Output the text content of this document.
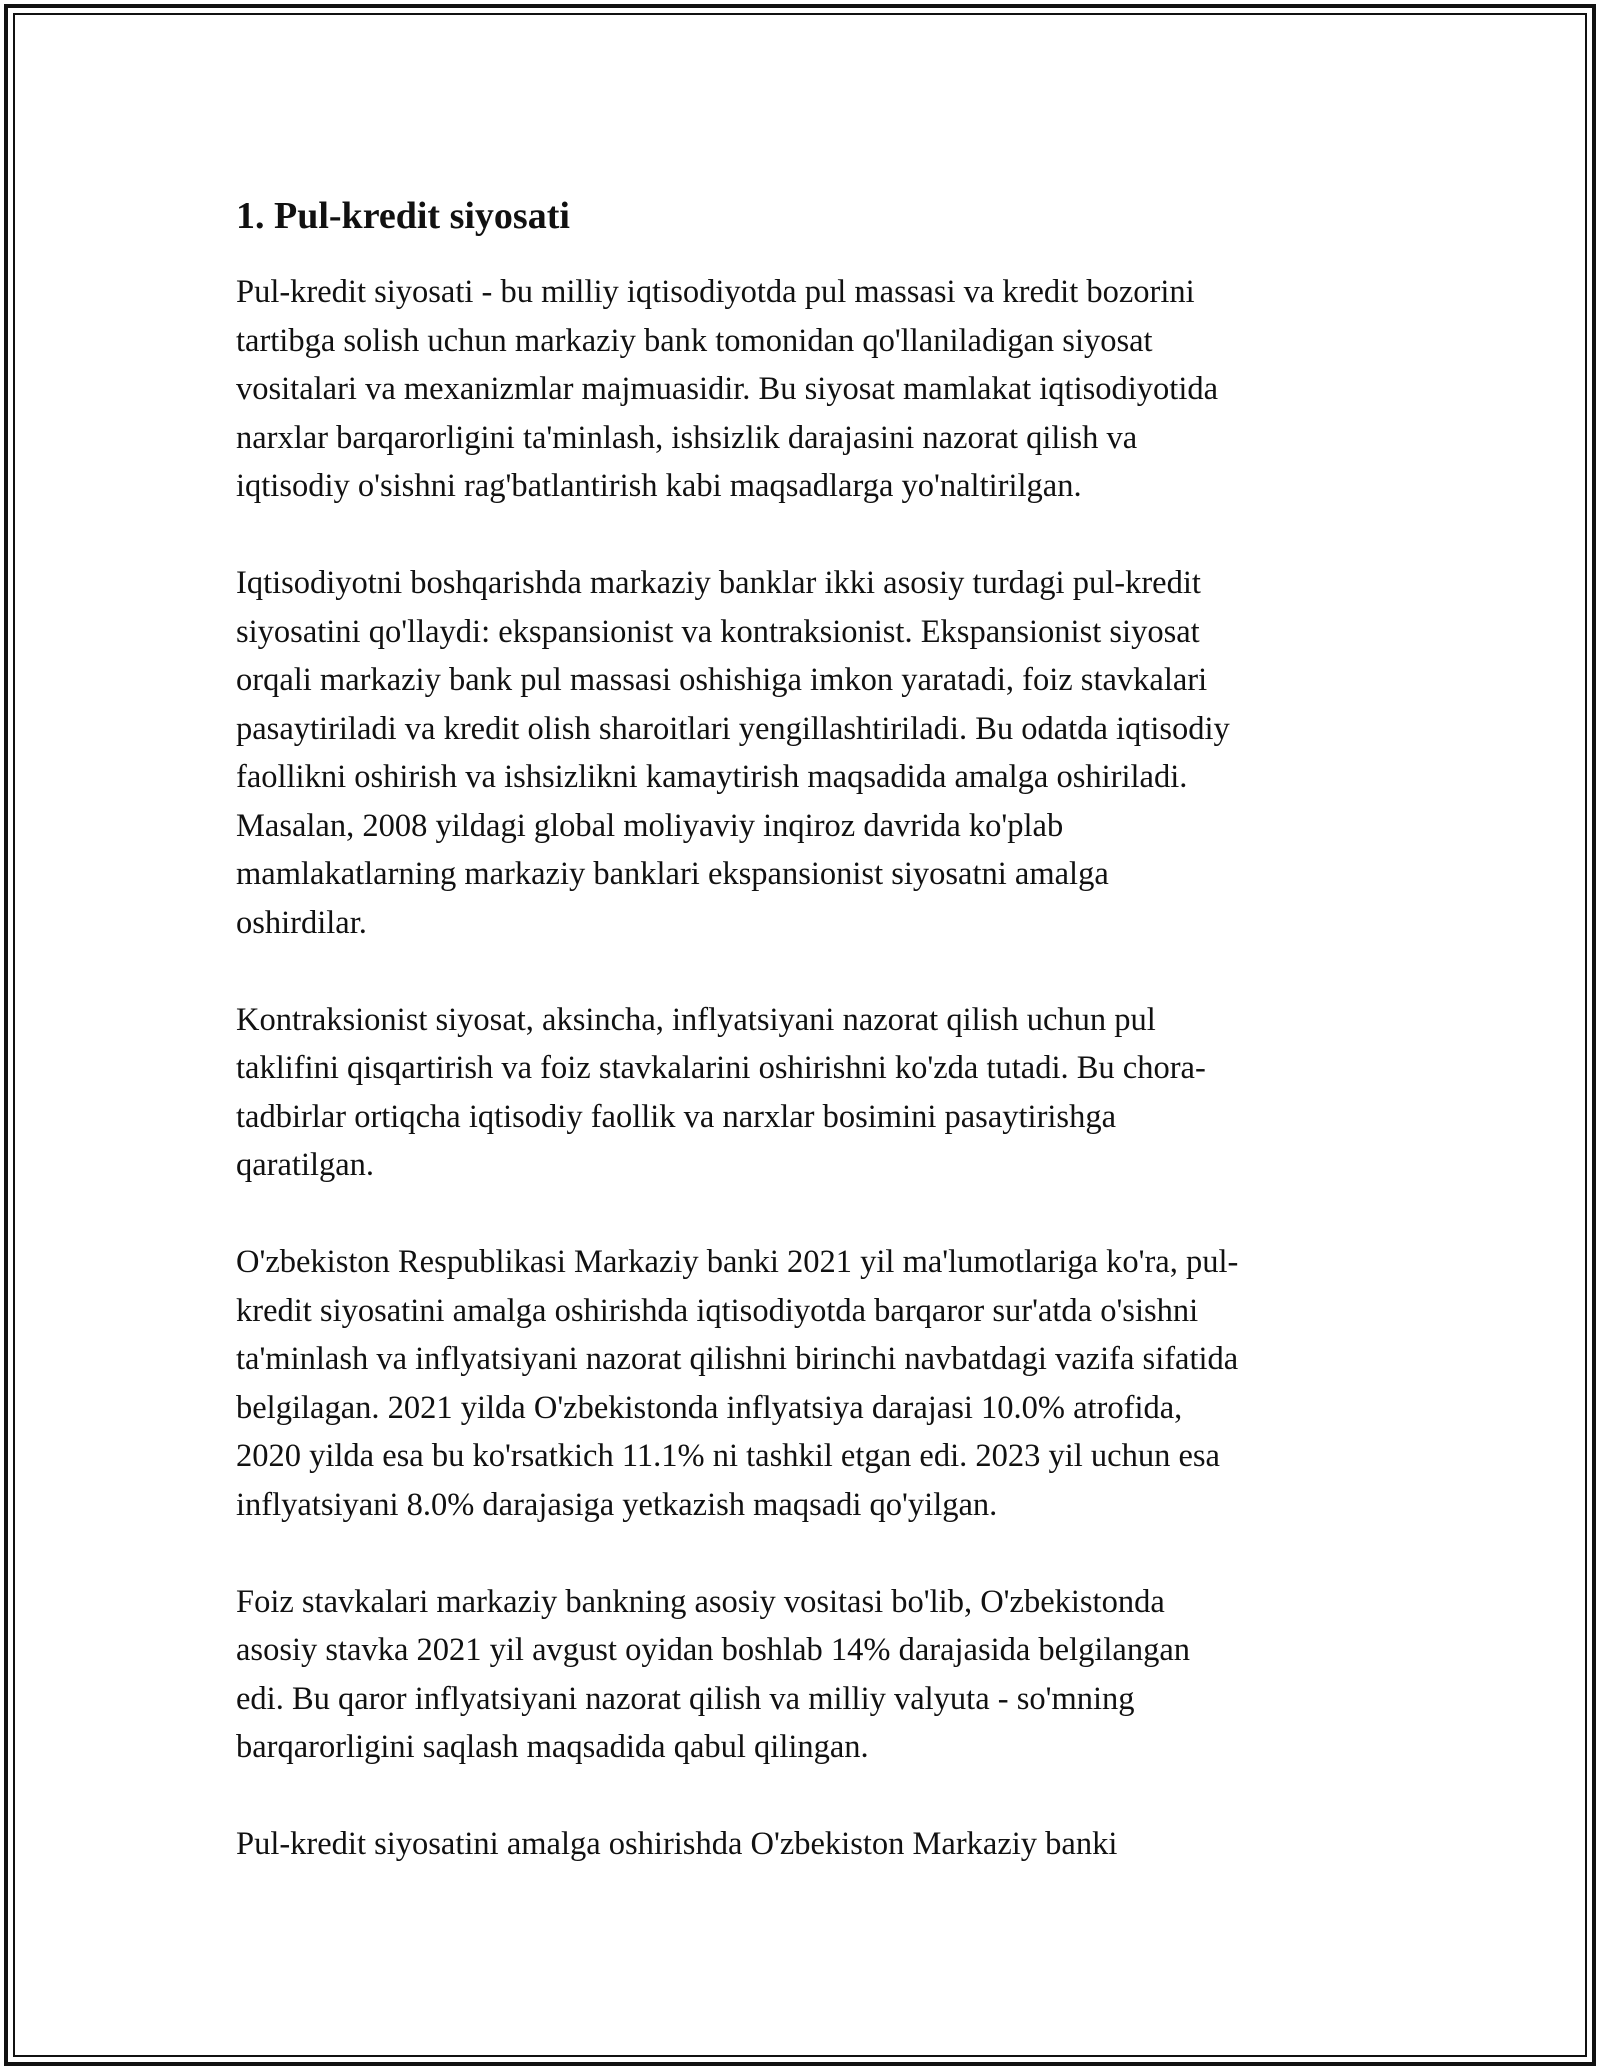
1. Pul-kredit siyosati

Pul-kredit siyosati - bu milliy iqtisodiyotda pul massasi va kredit bozorini
tartibga solish uchun markaziy bank tomonidan qo'llaniladigan siyosat
vositalari va mexanizmlar majmuasidir. Bu siyosat mamlakat iqtisodiyotida
narxlar barqarorligini ta'minlash, ishsizlik darajasini nazorat qilish va
iqtisodiy o'sishni rag'batlantirish kabi maqsadlarga yo'naltirilgan.

Iqtisodiyotni boshqarishda markaziy banklar ikki asosiy turdagi pul-kredit
siyosatini qo'llaydi: ekspansionist va kontraksionist. Ekspansionist siyosat
orqali markaziy bank pul massasi oshishiga imkon yaratadi, foiz stavkalari
pasaytiriladi va kredit olish sharoitlari yengillashtiriladi. Bu odatda iqtisodiy
faollikni oshirish va ishsizlikni kamaytirish maqsadida amalga oshiriladi.
Masalan, 2008 yildagi global moliyaviy inqiroz davrida ko'plab
mamlakatlarning markaziy banklari ekspansionist siyosatni amalga
oshirdilar.

Kontraksionist siyosat, aksincha, inflyatsiyani nazorat qilish uchun pul
taklifini qisqartirish va foiz stavkalarini oshirishni ko'zda tutadi. Bu chora-
tadbirlar ortiqcha iqtisodiy faollik va narxlar bosimini pasaytirishga
qaratilgan.

O'zbekiston Respublikasi Markaziy banki 2021 yil ma'lumotlariga ko'ra, pul-
kredit siyosatini amalga oshirishda iqtisodiyotda barqaror sur'atda o'sishni
ta'minlash va inflyatsiyani nazorat qilishni birinchi navbatdagi vazifa sifatida
belgilagan. 2021 yilda O'zbekistonda inflyatsiya darajasi 10.0% atrofida,
2020 yilda esa bu ko'rsatkich 11.1% ni tashkil etgan edi. 2023 yil uchun esa
inflyatsiyani 8.0% darajasiga yetkazish maqsadi qo'yilgan.

Foiz stavkalari markaziy bankning asosiy vositasi bo'lib, O'zbekistonda
asosiy stavka 2021 yil avgust oyidan boshlab 14% darajasida belgilangan
edi. Bu qaror inflyatsiyani nazorat qilish va milliy valyuta - so'mning
barqarorligini saqlash maqsadida qabul qilingan.

Pul-kredit siyosatini amalga oshirishda O'zbekiston Markaziy banki
